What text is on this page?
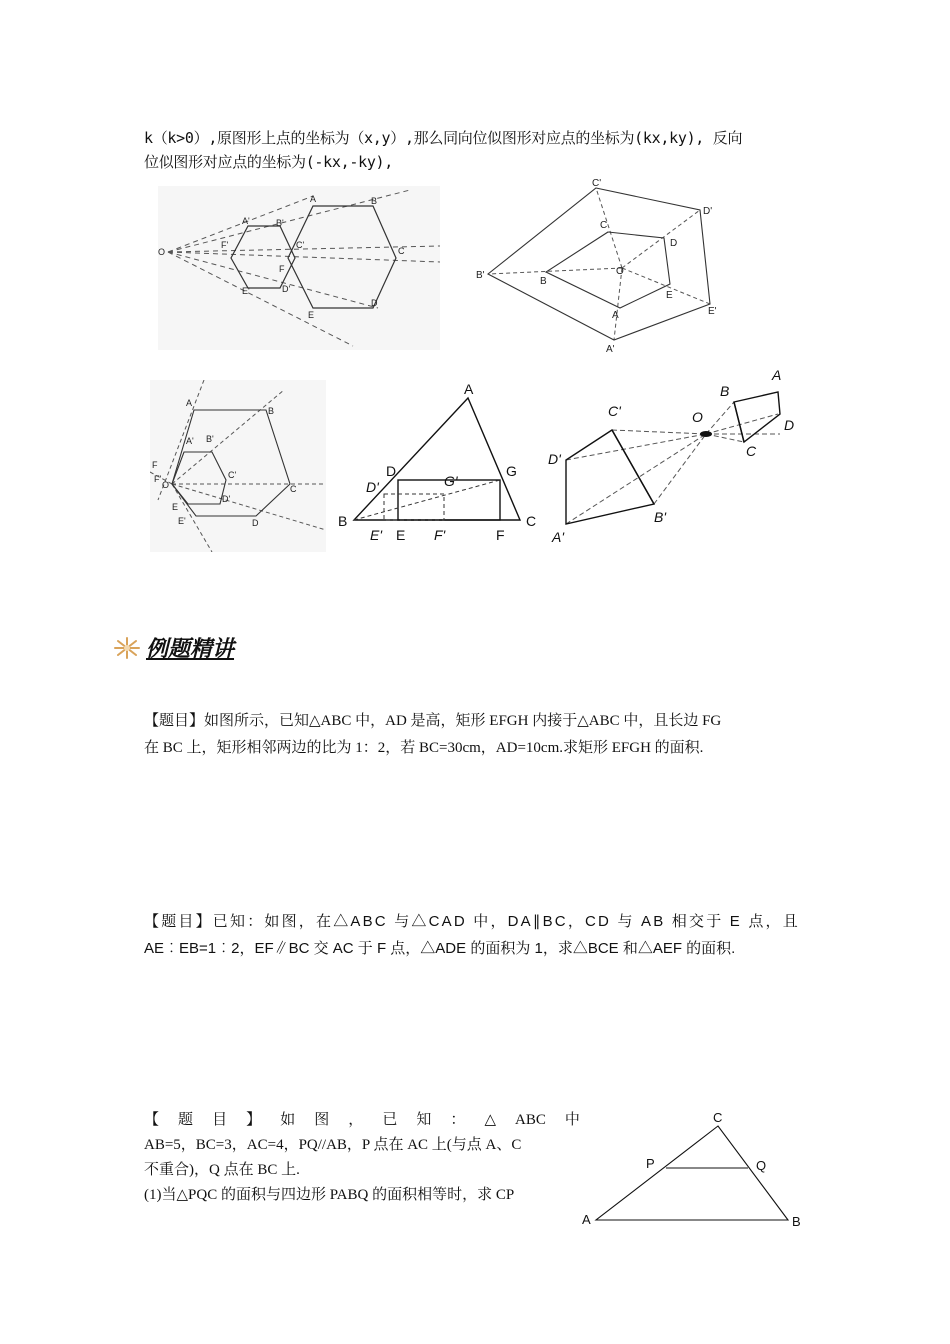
k（k>0）,原图形上点的坐标为（x,y）,那么同向位似图形对应点的坐标为(kx,ky), 反向
位似图形对应点的坐标为(-kx,-ky),
O
A'	B'
A	B
C
F'	C'
F
E'	D'
E
D
C'
D'
C
D
O
B'
B
E
A	E'
A'
A
B
A' B'
C'
F
F'
O
D'
E
E'	D
C
A
D	G
D'	G'
B
E' E F'	F
C
A
B
O
C'
D
C
D'
B'
A'
例题精讲
【题目】如图所示，已知△ABC 中，AD 是高，矩形 EFGH 内接于△ABC 中，且长边 FG
在 BC 上，矩形相邻两边的比为 1：2，若 BC=30cm，AD=10cm.求矩形 EFGH 的面积.
【题目】已知：如图，在△ABC 与△CAD 中，DA∥BC，CD 与 AB 相交于 E 点，且
AE︰EB=1︰2，EF∥BC 交 AC 于 F 点，△ADE 的面积为 1，求△BCE 和△AEF 的面积.
【 题 目 】 如 图 ， 已 知 ： △ ABC 中
AB=5，BC=3，AC=4，PQ//AB，P 点在 AC 上(与点 A、C
不重合)，Q 点在 BC 上.
(1)当△PQC 的面积与四边形 PABQ 的面积相等时，求 CP
C
P	Q
A	B
